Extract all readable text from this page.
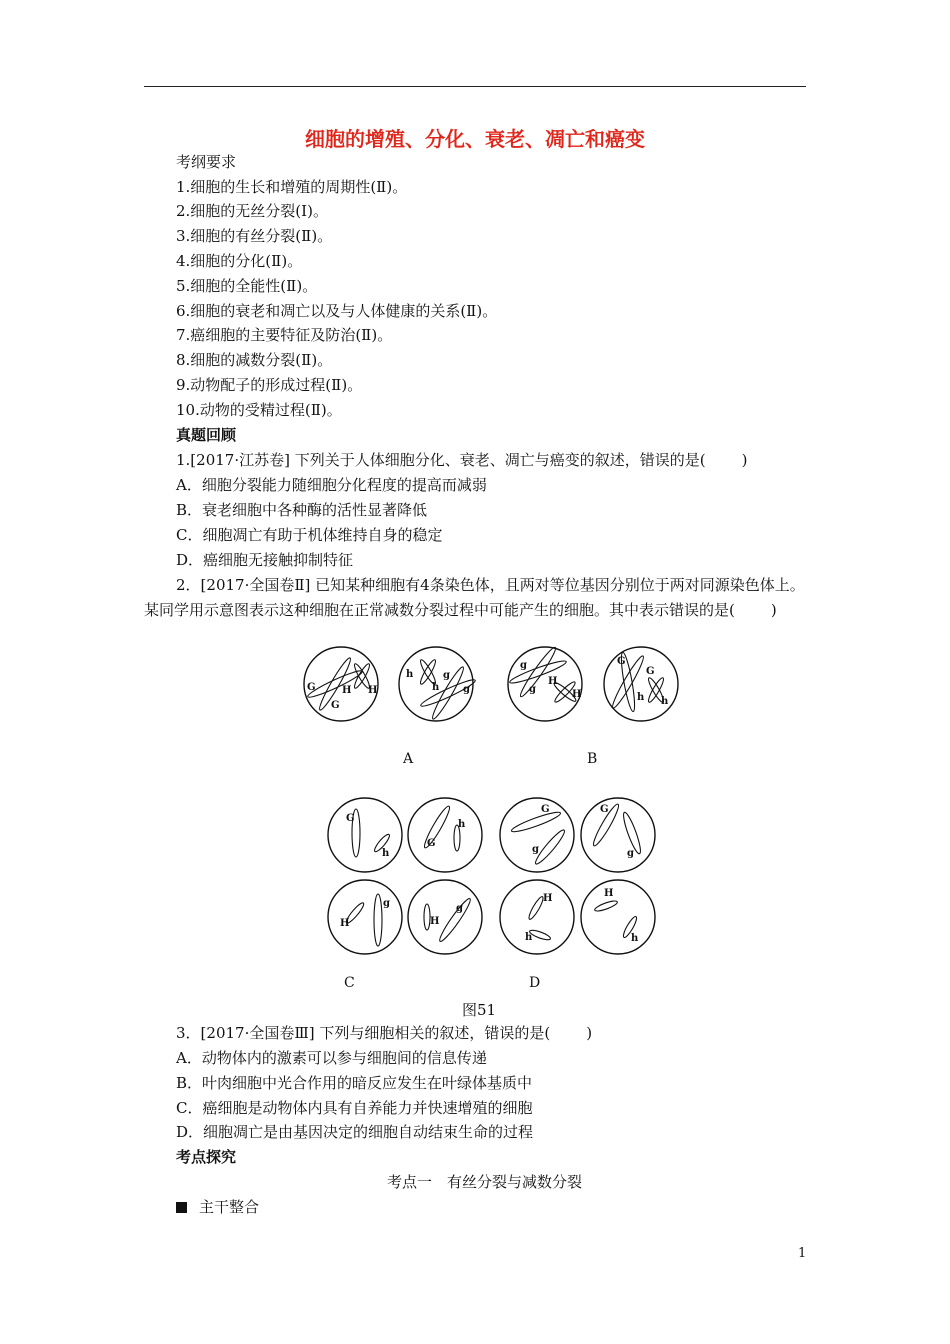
细胞的增殖、分化、衰老、凋亡和癌变
考纲要求
1.细胞的生长和增殖的周期性(Ⅱ)。
2.细胞的无丝分裂(Ⅰ)。
3.细胞的有丝分裂(Ⅱ)。
4.细胞的分化(Ⅱ)。
5.细胞的全能性(Ⅱ)。
6.细胞的衰老和凋亡以及与人体健康的关系(Ⅱ)。
7.癌细胞的主要特征及防治(Ⅱ)。
8.细胞的减数分裂(Ⅱ)。
9.动物配子的形成过程(Ⅱ)。
10.动物的受精过程(Ⅱ)。
真题回顾
1.[2017·江苏卷] 下列关于人体细胞分化、衰老、凋亡与癌变的叙述，错误的是( )
A．细胞分裂能力随细胞分化程度的提高而减弱
B．衰老细胞中各种酶的活性显著降低
C．细胞凋亡有助于机体维持自身的稳定
D．癌细胞无接触抑制特征
2．[2017·全国卷Ⅱ] 已知某种细胞有4条染色体，且两对等位基因分别位于两对同源染色体上。某同学用示意图表示这种细胞在正常减数分裂过程中可能产生的细胞。其中表示错误的是( )
G
G
H H
h
h
g
g
g
g
H
H
G
G
h h
G
h
G
h
G
g
G
g
H
g
H
g
H
h
H
h
A	B
C	D
图51
3．[2017·全国卷Ⅲ] 下列与细胞相关的叙述，错误的是( )
A．动物体内的激素可以参与细胞间的信息传递
B．叶肉细胞中光合作用的暗反应发生在叶绿体基质中
C．癌细胞是动物体内具有自养能力并快速增殖的细胞
D．细胞凋亡是由基因决定的细胞自动结束生命的过程
考点探究
考点一　有丝分裂与减数分裂
主干整合
1
